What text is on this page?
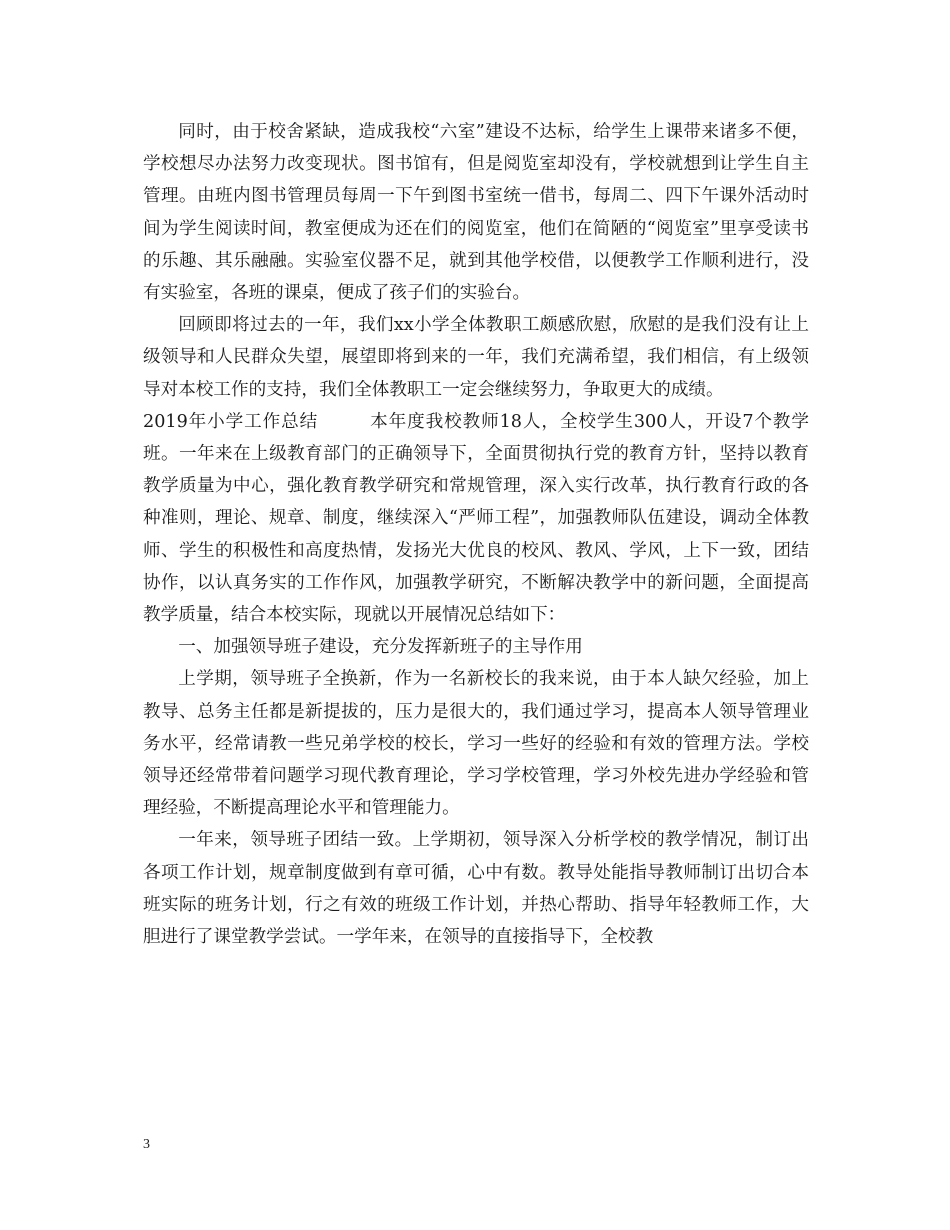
同时，由于校舍紧缺，造成我校“六室”建设不达标，给学生上课带来诸多不便，学校想尽办法努力改变现状。图书馆有，但是阅览室却没有，学校就想到让学生自主管理。由班内图书管理员每周一下午到图书室统一借书，每周二、四下午课外活动时间为学生阅读时间，教室便成为还在们的阅览室，他们在简陋的“阅览室”里享受读书的乐趣、其乐融融。实验室仪器不足，就到其他学校借，以便教学工作顺利进行，没有实验室，各班的课桌，便成了孩子们的实验台。

回顾即将过去的一年，我们xx小学全体教职工颇感欣慰，欣慰的是我们没有让上级领导和人民群众失望，展望即将到来的一年，我们充满希望，我们相信，有上级领导对本校工作的支持，我们全体教职工一定会继续努力，争取更大的成绩。

2019年小学工作总结	本年度我校教师18人，全校学生300人，开设7个教学班。一年来在上级教育部门的正确领导下，全面贯彻执行党的教育方针，坚持以教育教学质量为中心，强化教育教学研究和常规管理，深入实行改革，执行教育行政的各种准则，理论、规章、制度，继续深入“严师工程”，加强教师队伍建设，调动全体教师、学生的积极性和高度热情，发扬光大优良的校风、教风、学风，上下一致，团结协作，以认真务实的工作作风，加强教学研究，不断解决教学中的新问题，全面提高教学质量，结合本校实际，现就以开展情况总结如下：

一、加强领导班子建设，充分发挥新班子的主导作用

上学期，领导班子全换新，作为一名新校长的我来说，由于本人缺欠经验，加上教导、总务主任都是新提拔的，压力是很大的，我们通过学习，提高本人领导管理业务水平，经常请教一些兄弟学校的校长，学习一些好的经验和有效的管理方法。学校领导还经常带着问题学习现代教育理论，学习学校管理，学习外校先进办学经验和管理经验，不断提高理论水平和管理能力。

一年来，领导班子团结一致。上学期初，领导深入分析学校的教学情况，制订出各项工作计划，规章制度做到有章可循，心中有数。教导处能指导教师制订出切合本班实际的班务计划，行之有效的班级工作计划，并热心帮助、指导年轻教师工作，大胆进行了课堂教学尝试。一学年来，在领导的直接指导下，全校教

3
